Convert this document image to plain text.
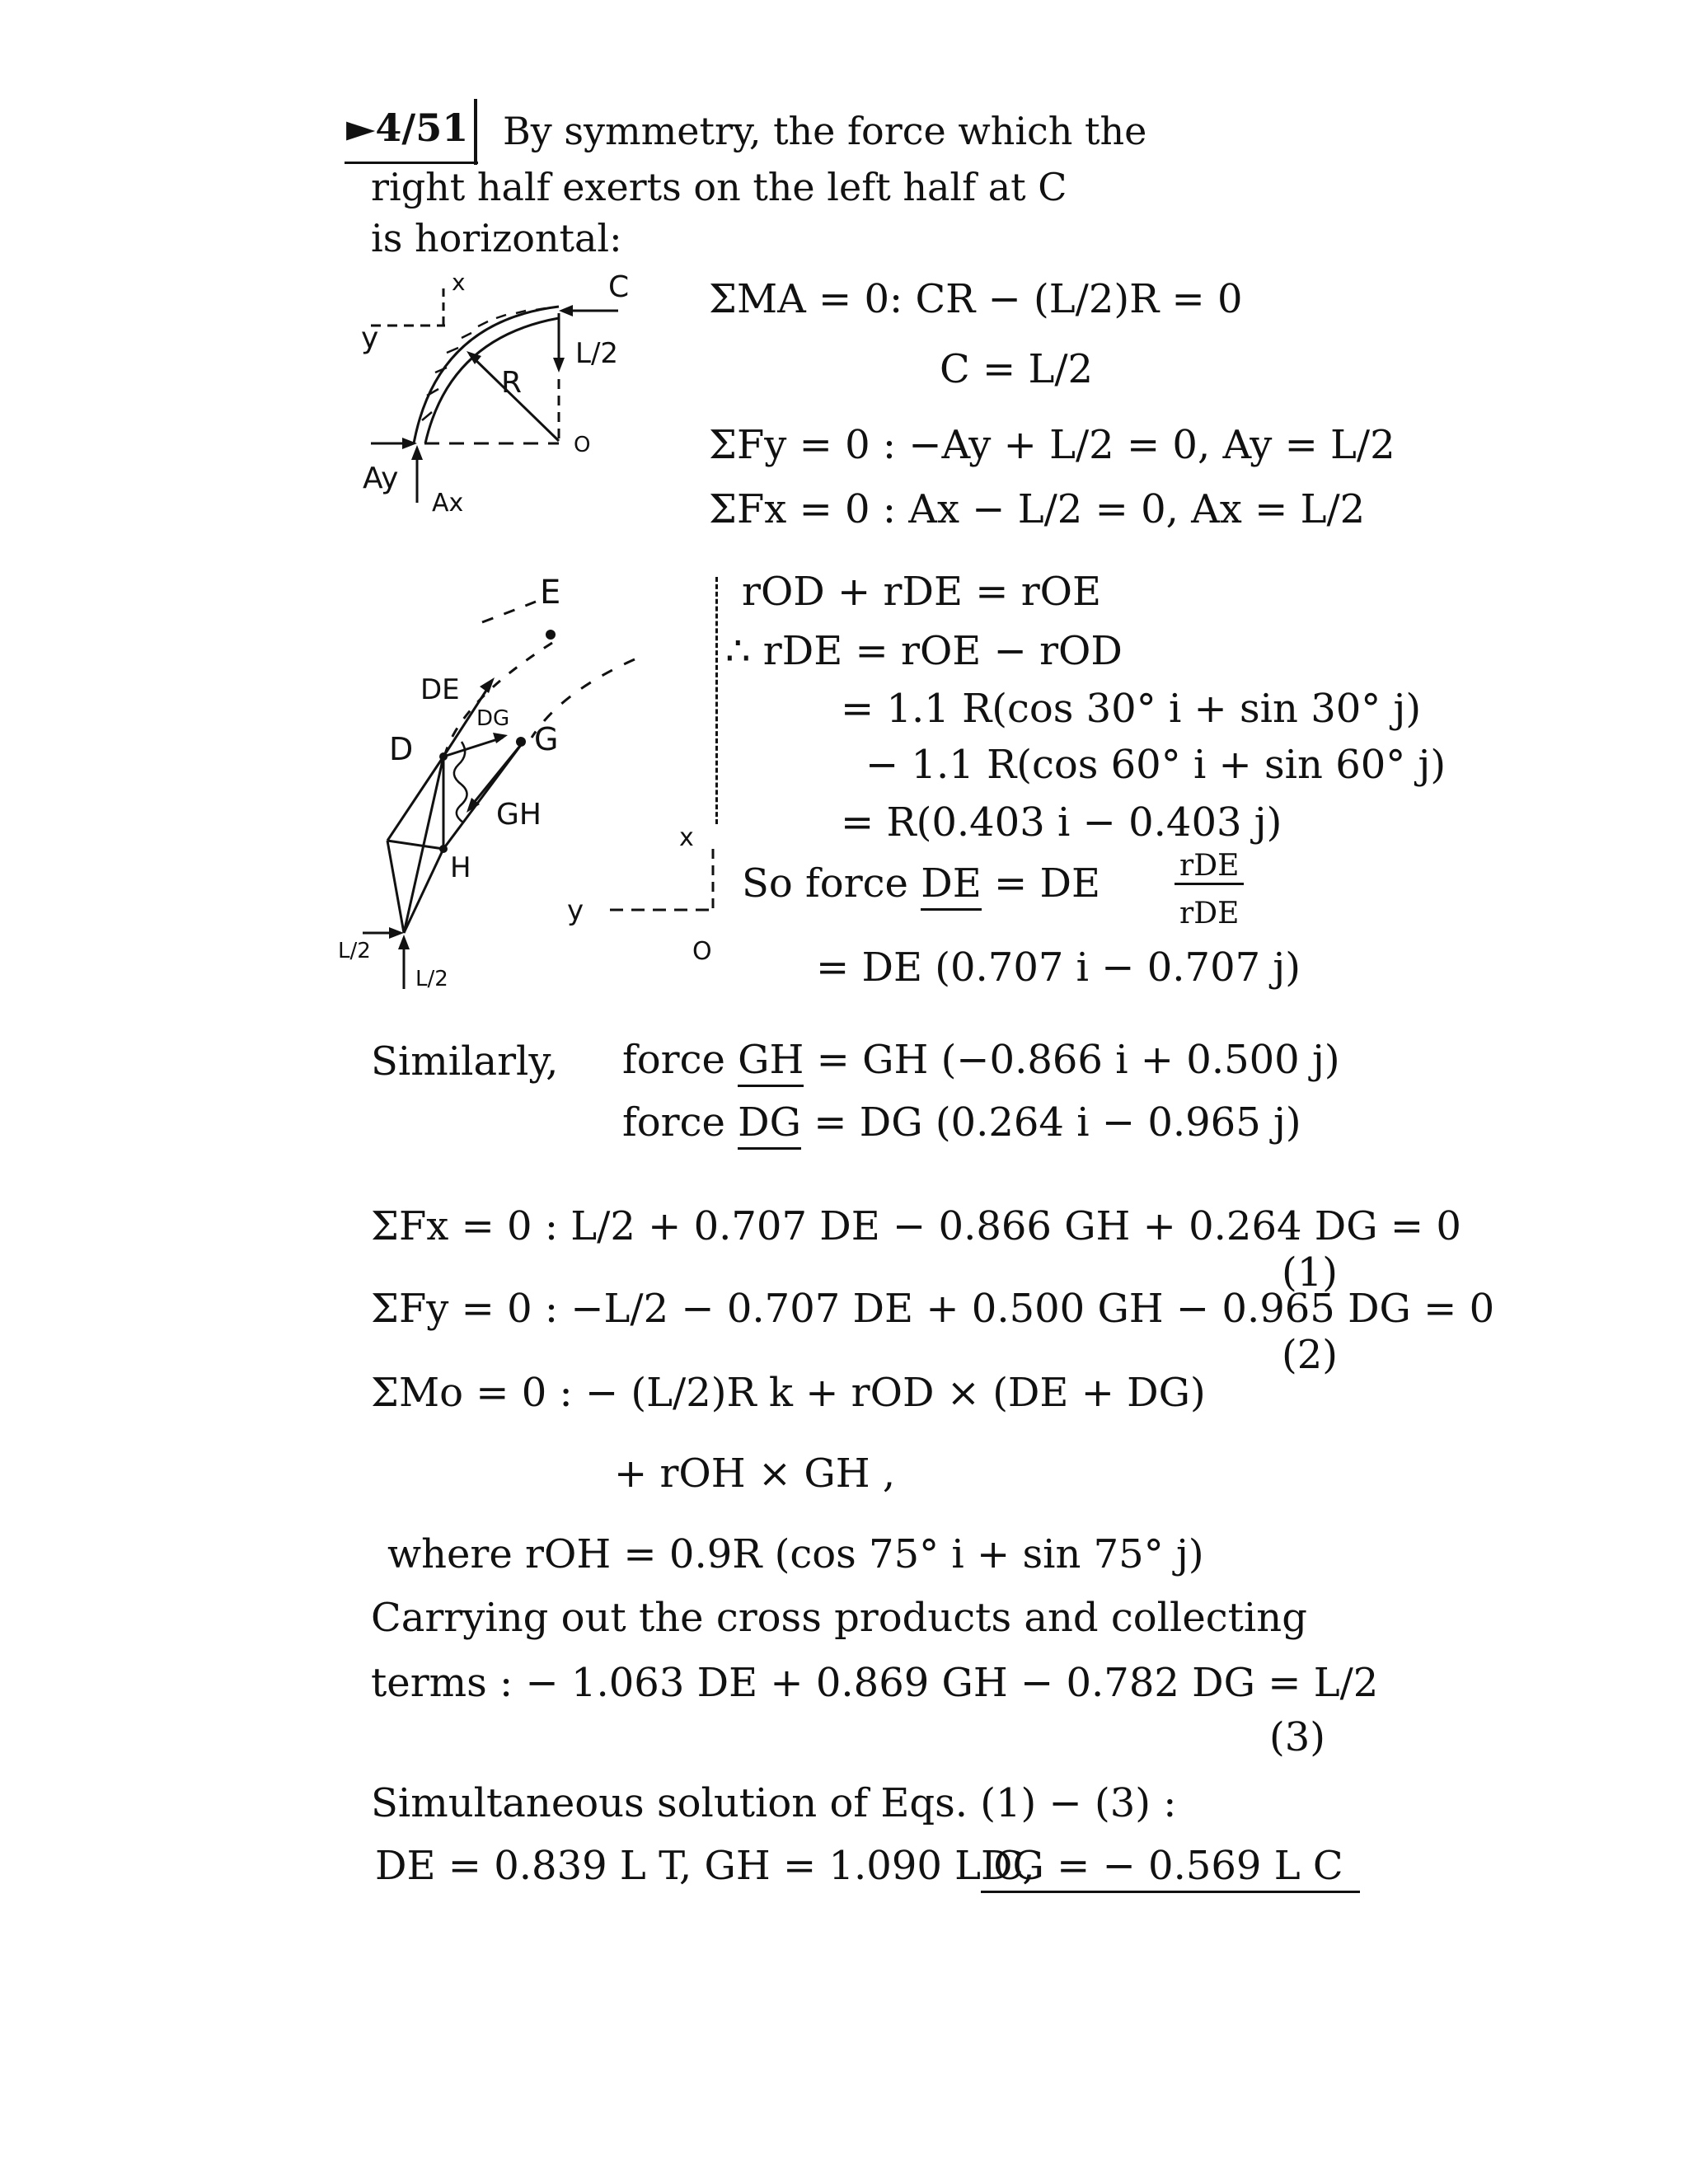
►4/51 By symmetry, the force which the
right half exerts on the left half at C
is horizontal:
x
y
C
L/2
R
O
Ay
Ax
ΣMA = 0: CR − (L/2)R = 0
C = L/2
ΣFy = 0 : −Ay + L/2 = 0, Ay = L/2
ΣFx = 0 : Ax − L/2 = 0, Ax = L/2
E
DE
DG
G
D
GH
H
x
y
O
L/2
L/2
rOD + rDE = rOE
∴ rDE = rOE − rOD
= 1.1 R(cos 30° i + sin 30° j)
− 1.1 R(cos 60° i + sin 60° j)
= R(0.403 i − 0.403 j)
So force DE = DE	rDE
rDE
= DE (0.707 i − 0.707 j)
Similarly, force GH = GH (−0.866 i + 0.500 j)
force DG = DG (0.264 i − 0.965 j)
ΣFx = 0 : L/2 + 0.707 DE − 0.866 GH + 0.264 DG = 0
(1)
ΣFy = 0 : −L/2 − 0.707 DE + 0.500 GH − 0.965 DG = 0
(2)
ΣMo = 0 : − (L/2)R k + rOD × (DE + DG)
+ rOH × GH ,
where rOH = 0.9R (cos 75° i + sin 75° j)
Carrying out the cross products and collecting
terms : − 1.063 DE + 0.869 GH − 0.782 DG = L/2
(3)
Simultaneous solution of Eqs. (1) − (3) :
DE = 0.839 L T, GH = 1.090 L C,
DG = − 0.569 L C
